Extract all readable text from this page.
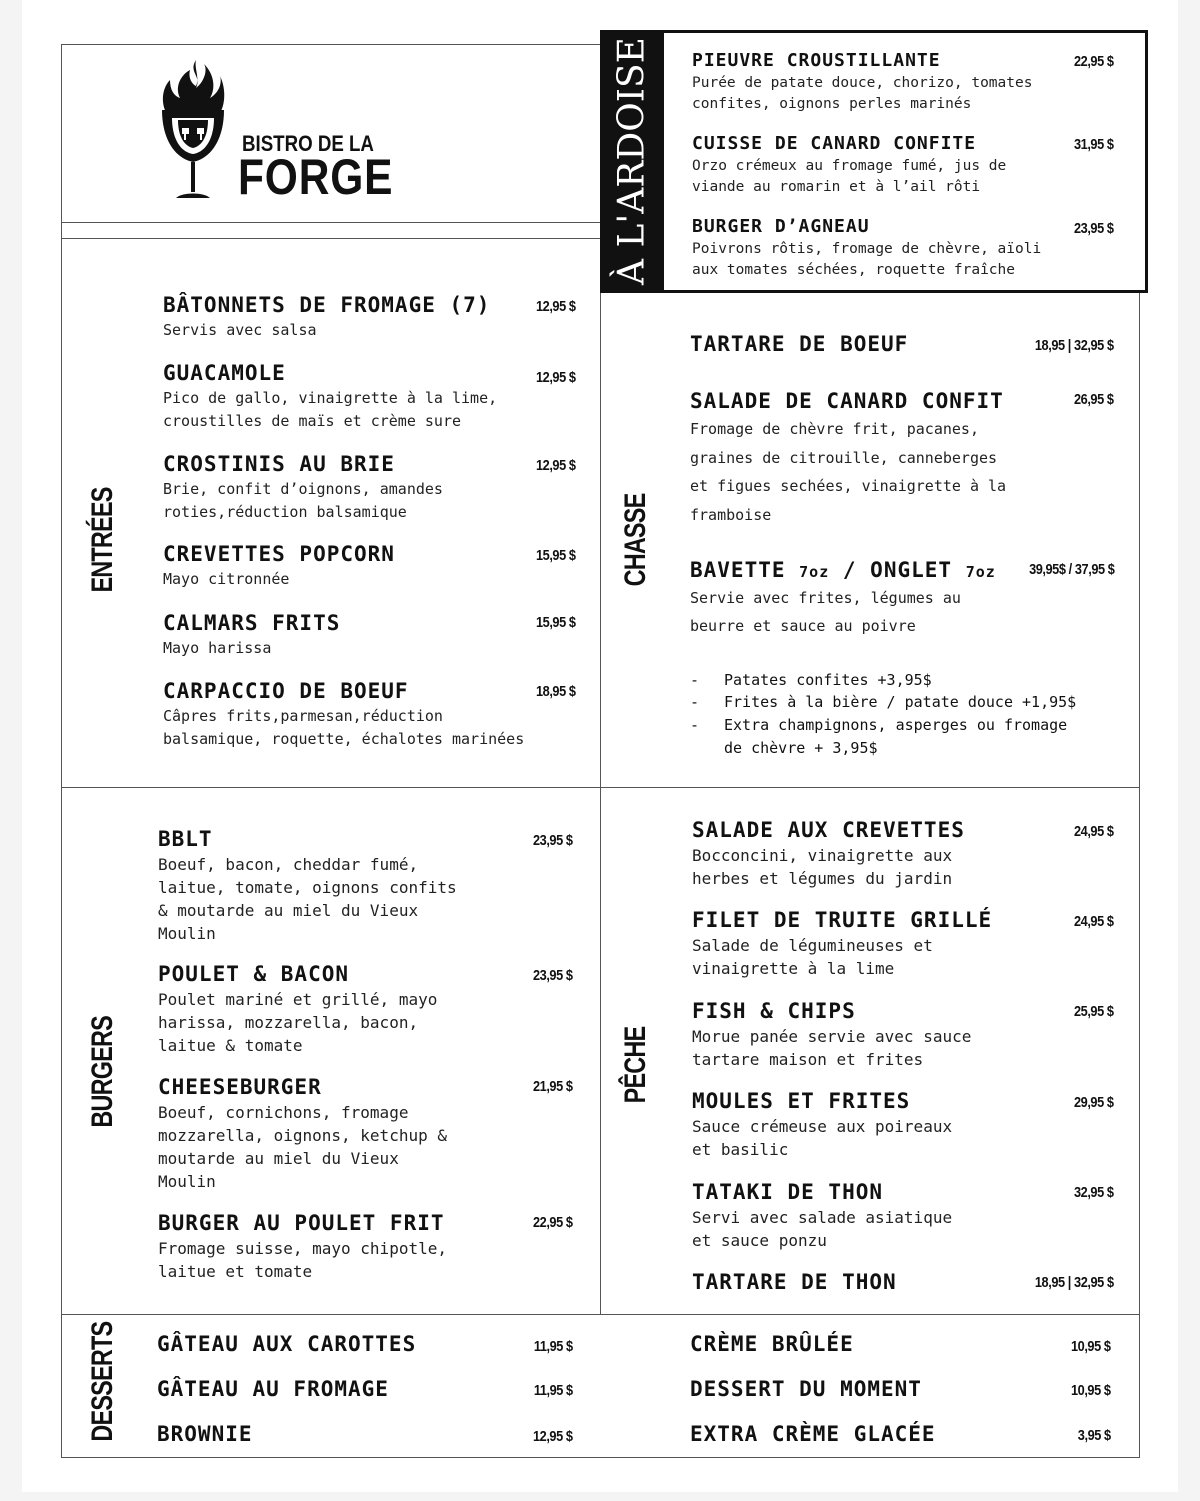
BISTRO DE LA
FORGE	À L'ARDOISE PIEUVRE CROUSTILLANTE
Purée de patate douce, chorizo, tomates
confites, oignons perles marinés
22,95 $
CUISSE DE CANARD CONFITE
Orzo crémeux au fromage fumé, jus de
viande au romarin et à l’ail rôti
31,95 $
BURGER D’AGNEAU
Poivrons rôtis, fromage de chèvre, aïoli
aux tomates séchées, roquette fraîche
23,95 $
ENTRÉES
BURGERS
DESSERTS
CHASSE
PÊCHE
BÂTONNETS DE FROMAGE (7)
Servis avec salsa
12,95 $
GUACAMOLE
Pico de gallo, vinaigrette à la lime,
croustilles de maïs et crème sure
12,95 $
CROSTINIS AU BRIE
Brie, confit d’oignons, amandes
roties,réduction balsamique
12,95 $
CREVETTES POPCORN
Mayo citronnée
15,95 $
CALMARS FRITS
Mayo harissa
15,95 $
CARPACCIO DE BOEUF
Câpres frits,parmesan,réduction
balsamique, roquette, échalotes marinées
18,95 $
TARTARE DE BOEUF	18,95 | 32,95 $
SALADE DE CANARD CONFIT
Fromage de chèvre frit, pacanes,
graines de citrouille, canneberges
et figues sechées, vinaigrette à la
framboise
26,95 $
BAVETTE 7oz / ONGLET 7oz
Servie avec frites, légumes au
beurre et sauce au poivre
39,95$ / 37,95 $
- Patates confites +3,95$
- Frites à la bière / patate douce +1,95$
- Extra champignons, asperges ou fromage
de chèvre + 3,95$
BBLT
Boeuf, bacon, cheddar fumé,
laitue, tomate, oignons confits
& moutarde au miel du Vieux
Moulin
23,95 $
POULET & BACON
Poulet mariné et grillé, mayo
harissa, mozzarella, bacon,
laitue & tomate
23,95 $
CHEESEBURGER
Boeuf, cornichons, fromage
mozzarella, oignons, ketchup &
moutarde au miel du Vieux
Moulin
21,95 $
BURGER AU POULET FRIT
Fromage suisse, mayo chipotle,
laitue et tomate
22,95 $
SALADE AUX CREVETTES
Bocconcini, vinaigrette aux
herbes et légumes du jardin
24,95 $
FILET DE TRUITE GRILLÉ
Salade de légumineuses et
vinaigrette à la lime
24,95 $
FISH & CHIPS
Morue panée servie avec sauce
tartare maison et frites
25,95 $
MOULES ET FRITES
Sauce crémeuse aux poireaux
et basilic
29,95 $
TATAKI DE THON
Servi avec salade asiatique
et sauce ponzu
32,95 $
TARTARE DE THON	18,95 | 32,95 $
GÂTEAU AUX CAROTTES	11,95 $
GÂTEAU AU FROMAGE	11,95 $
BROWNIE	12,95 $
CRÈME BRÛLÉE	10,95 $
DESSERT DU MOMENT	10,95 $
EXTRA CRÈME GLACÉE	3,95 $
